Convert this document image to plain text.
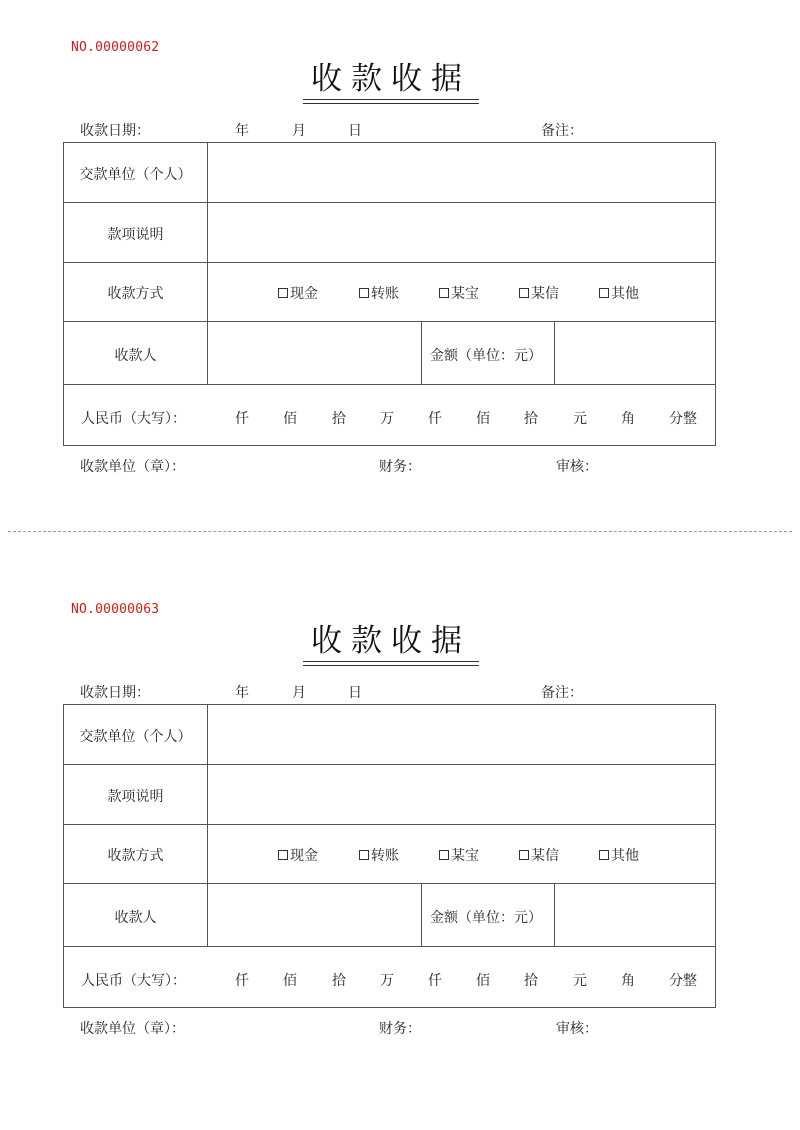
NO.00000062
收款收据
收款日期：	年	月	日	备注：
交款单位（个人）
款项说明
收款方式	现金	转账	某宝	某信	其他
收款人	金额（单位：元）
人民币（大写）：	仟 佰	拾 万 仟 佰 拾	元 角 分整
收款单位（章）：	财务：	审核：
NO.00000063
收款收据
收款日期：	年	月	日	备注：
交款单位（个人）
款项说明
收款方式	现金	转账	某宝	某信	其他
收款人	金额（单位：元）
人民币（大写）：	仟 佰	拾 万 仟 佰 拾	元 角 分整
收款单位（章）：	财务：	审核：
